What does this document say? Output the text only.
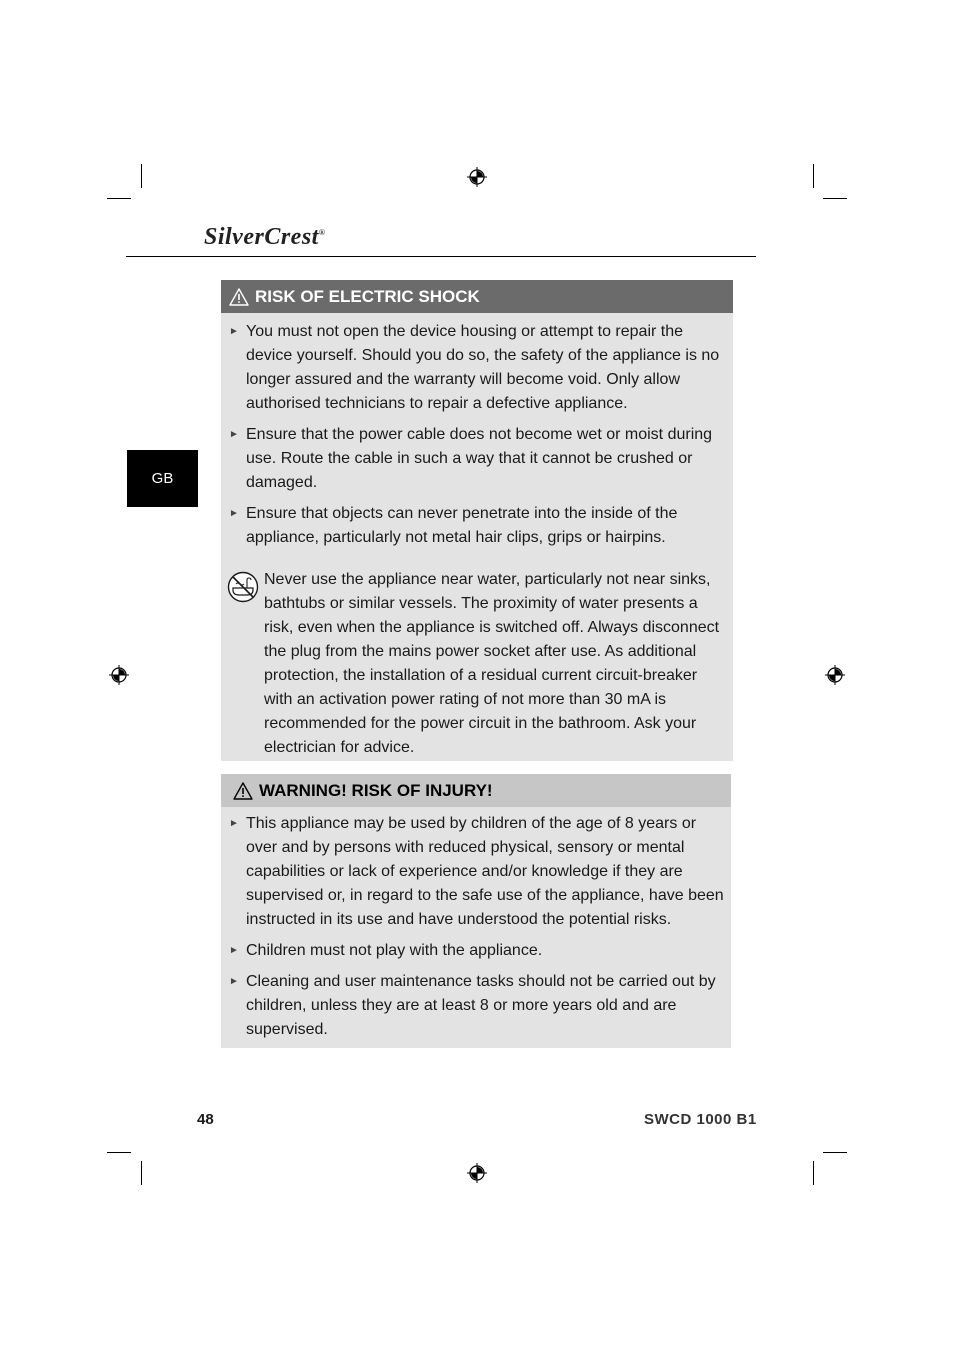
SilverCrest®
GB
RISK OF ELECTRIC SHOCK
► You must not open the device housing or attempt to repair the device yourself. Should you do so, the safety of the appliance is no longer assured and the warranty will become void. Only allow authorised technicians to repair a defective appliance.
► Ensure that the power cable does not become wet or moist during use. Route the cable in such a way that it cannot be crushed or damaged.
► Ensure that objects can never penetrate into the inside of the appliance, particularly not metal hair clips, grips or hairpins.
Never use the appliance near water, particularly not near sinks, bathtubs or similar vessels. The proximity of water presents a risk, even when the appliance is switched off. Always disconnect the plug from the mains power socket after use. As additional protection, the installation of a residual current circuit-breaker with an activation power rating of not more than 30 mA is recommended for the power circuit in the bathroom. Ask your electrician for advice.
WARNING! RISK OF INJURY!
► This appliance may be used by children of the age of 8 years or over and by persons with reduced physical, sensory or mental capabilities or lack of experience and/or knowledge if they are supervised or, in regard to the safe use of the appliance, have been instructed in its use and have understood the potential risks.
► Children must not play with the appliance.
► Cleaning and user maintenance tasks should not be carried out by children, unless they are at least 8 or more years old and are supervised.
48	SWCD 1000 B1
